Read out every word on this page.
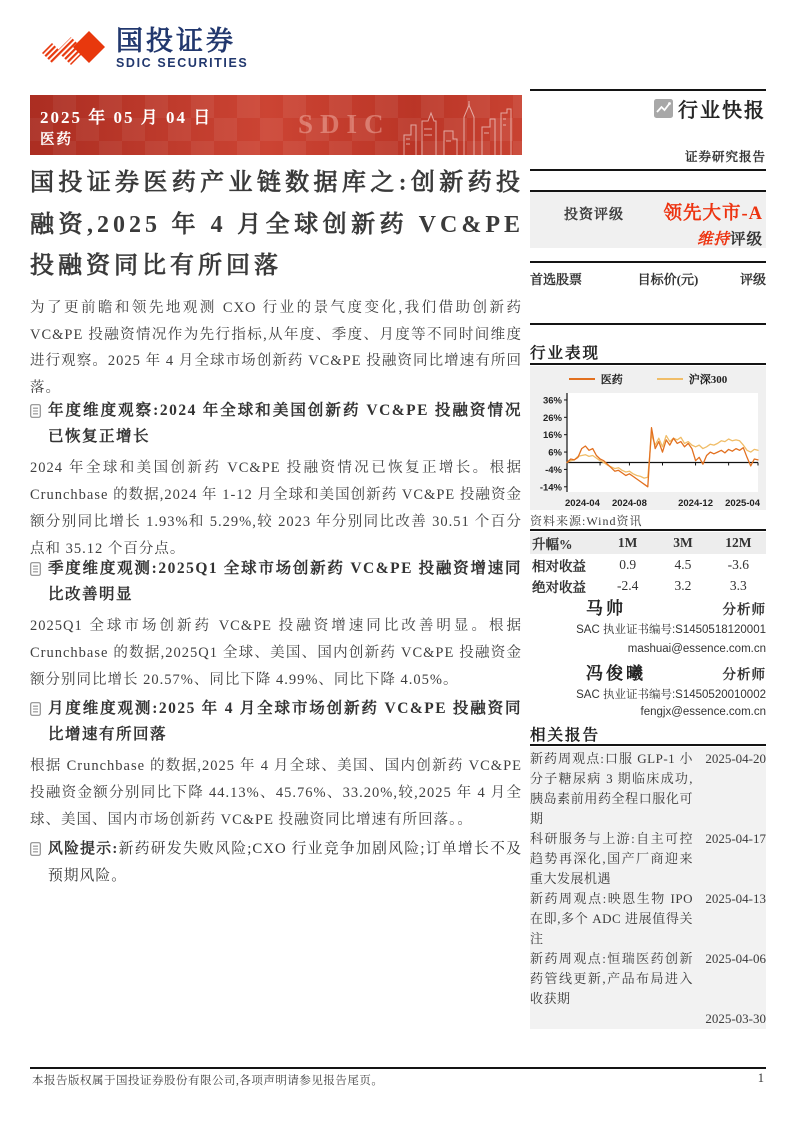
国投证券
SDIC SECURITIES
2025 年 05 月 04 日
医药
SDIC
国投证券医药产业链数据库之:创新药投融资,2025 年 4 月全球创新药 VC&PE 投融资同比有所回落
为了更前瞻和领先地观测 CXO 行业的景气度变化,我们借助创新药 VC&PE 投融资情况作为先行指标,从年度、季度、月度等不同时间维度进行观察。2025 年 4 月全球市场创新药 VC&PE 投融资同比增速有所回落。
年度维度观察:2024 年全球和美国创新药 VC&PE 投融资情况已恢复正增长
2024 年全球和美国创新药 VC&PE 投融资情况已恢复正增长。根据 Crunchbase 的数据,2024 年 1-12 月全球和美国创新药 VC&PE 投融资金额分别同比增长 1.93%和 5.29%,较 2023 年分别同比改善 30.51 个百分点和 35.12 个百分点。
季度维度观测:2025Q1 全球市场创新药 VC&PE 投融资增速同比改善明显
2025Q1 全球市场创新药 VC&PE 投融资增速同比改善明显。根据 Crunchbase 的数据,2025Q1 全球、美国、国内创新药 VC&PE 投融资金额分别同比增长 20.57%、同比下降 4.99%、同比下降 4.05%。
月度维度观测:2025 年 4 月全球市场创新药 VC&PE 投融资同比增速有所回落
根据 Crunchbase 的数据,2025 年 4 月全球、美国、国内创新药 VC&PE 投融资金额分别同比下降 44.13%、45.76%、33.20%,较,2025 年 4 月全球、美国、国内市场创新药 VC&PE 投融资同比增速有所回落。。
风险提示:新药研发失败风险;CXO 行业竞争加剧风险;订单增长不及预期风险。
行业快报
证券研究报告
投资评级	领先大市-A
维持评级
首选股票	目标价(元)	评级
行业表现
医药	沪深300
36%
26%
16%
6%
-4%
-14%
2024-04 2024-08	2024-12 2025-04
资料来源:Wind资讯
升幅%	1M	3M	12M
相对收益	0.9	4.5	-3.6
绝对收益	-2.4	3.2	3.3
马帅	分析师
SAC 执业证书编号:S1450518120001
mashuai@essence.com.cn
冯俊曦	分析师
SAC 执业证书编号:S1450520010002
fengjx@essence.com.cn
相关报告
新药周观点:口服 GLP-1 小分子糖尿病 3 期临床成功,胰岛素前用药全程口服化可期
2025-04-20
科研服务与上游:自主可控趋势再深化,国产厂商迎来重大发展机遇
2025-04-17
新药周观点:映恩生物 IPO 在即,多个 ADC 进展值得关注
2025-04-13
新药周观点:恒瑞医药创新药管线更新,产品布局进入收获期
2025-04-06
2025-03-30
本报告版权属于国投证券股份有限公司,各项声明请参见报告尾页。	1
